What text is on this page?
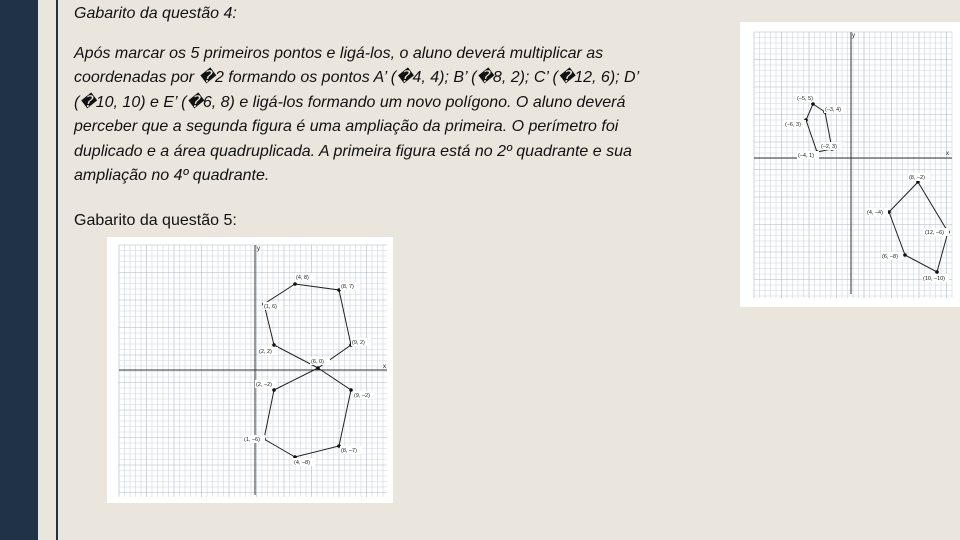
Gabarito da questão 4:

Após marcar os 5 primeiros pontos e ligá-los, o aluno deverá multiplicar as
coordenadas por �2 formando os pontos A’ (�4, 4); B’ (�8, 2); C’ (�12, 6); D’
(�10, 10) e E’ (�6, 8) e ligá-los formando um novo polígono. O aluno deverá
perceber que a segunda figura é uma ampliação da primeira. O perímetro foi
duplicado e a área quadruplicada. A primeira figura está no 2º quadrante e sua
ampliação no 4º quadrante.

Gabarito da questão 5:

y
x
(–5, 5)
(–3, 4)
(–2, 3)
(–4, 1)
(–6, 3)
(8, –2)
(12, –6)
(10, –10)
(6, –8)
(4, –4)
y
x
(4, 8)
(8, 7)
(9, 2)
(6, 0)
(2, 2)
(1, 6)
(2, –2)
(1, –6)
(4, –8)
(8, –7)
(9, –2)
